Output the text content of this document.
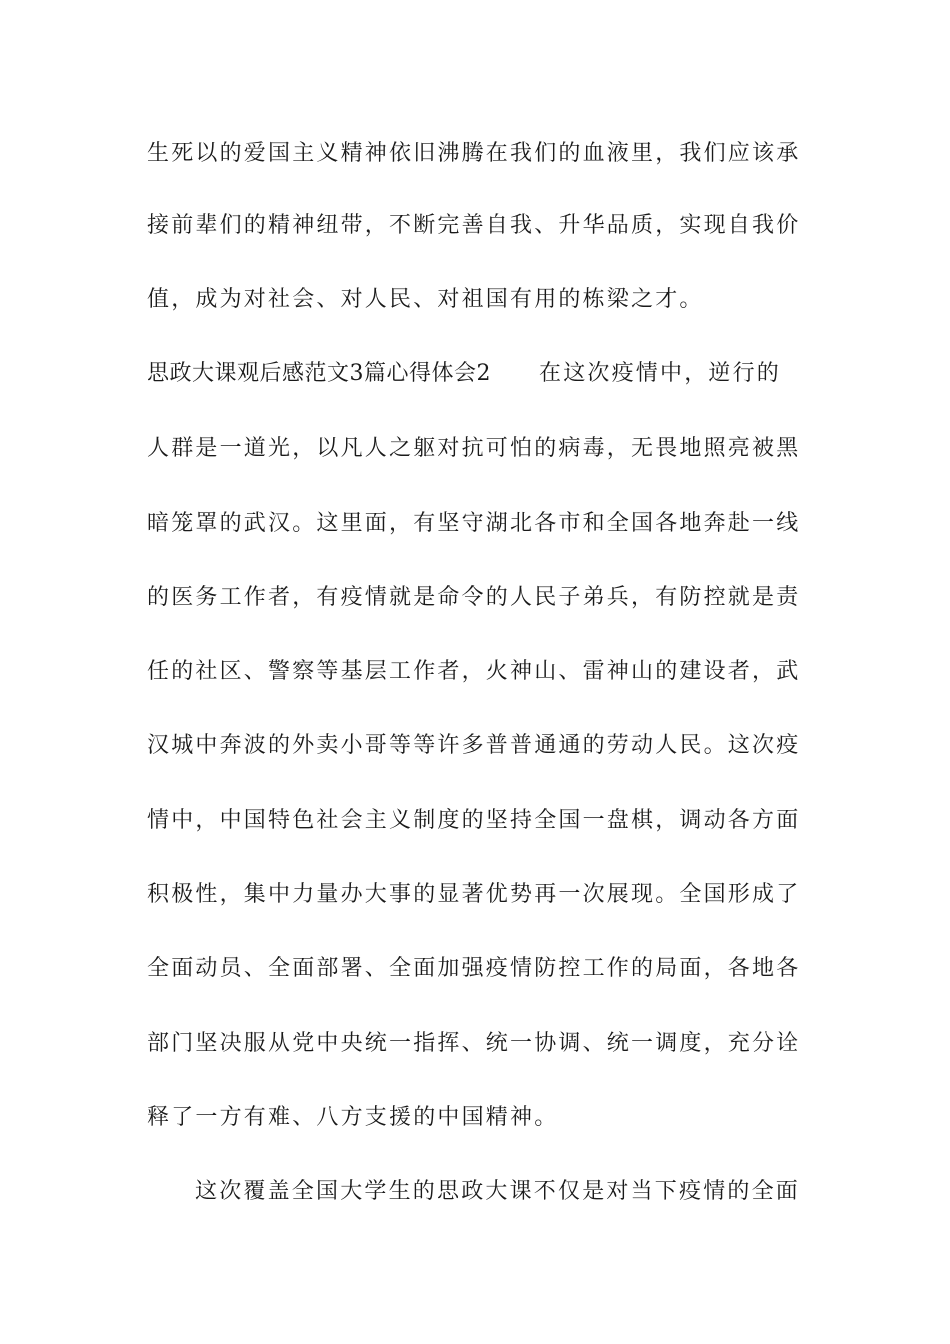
生死以的爱国主义精神依旧沸腾在我们的血液里，我们应该承
接前辈们的精神纽带，不断完善自我、升华品质，实现自我价
值，成为对社会、对人民、对祖国有用的栋梁之才。
思政大课观后感范文3篇心得体会2 在这次疫情中，逆行的
人群是一道光，以凡人之躯对抗可怕的病毒，无畏地照亮被黑
暗笼罩的武汉。这里面，有坚守湖北各市和全国各地奔赴一线
的医务工作者，有疫情就是命令的人民子弟兵，有防控就是责
任的社区、警察等基层工作者，火神山、雷神山的建设者，武
汉城中奔波的外卖小哥等等许多普普通通的劳动人民。这次疫
情中，中国特色社会主义制度的坚持全国一盘棋，调动各方面
积极性，集中力量办大事的显著优势再一次展现。全国形成了
全面动员、全面部署、全面加强疫情防控工作的局面，各地各
部门坚决服从党中央统一指挥、统一协调、统一调度，充分诠
释了一方有难、八方支援的中国精神。
这次覆盖全国大学生的思政大课不仅是对当下疫情的全面
